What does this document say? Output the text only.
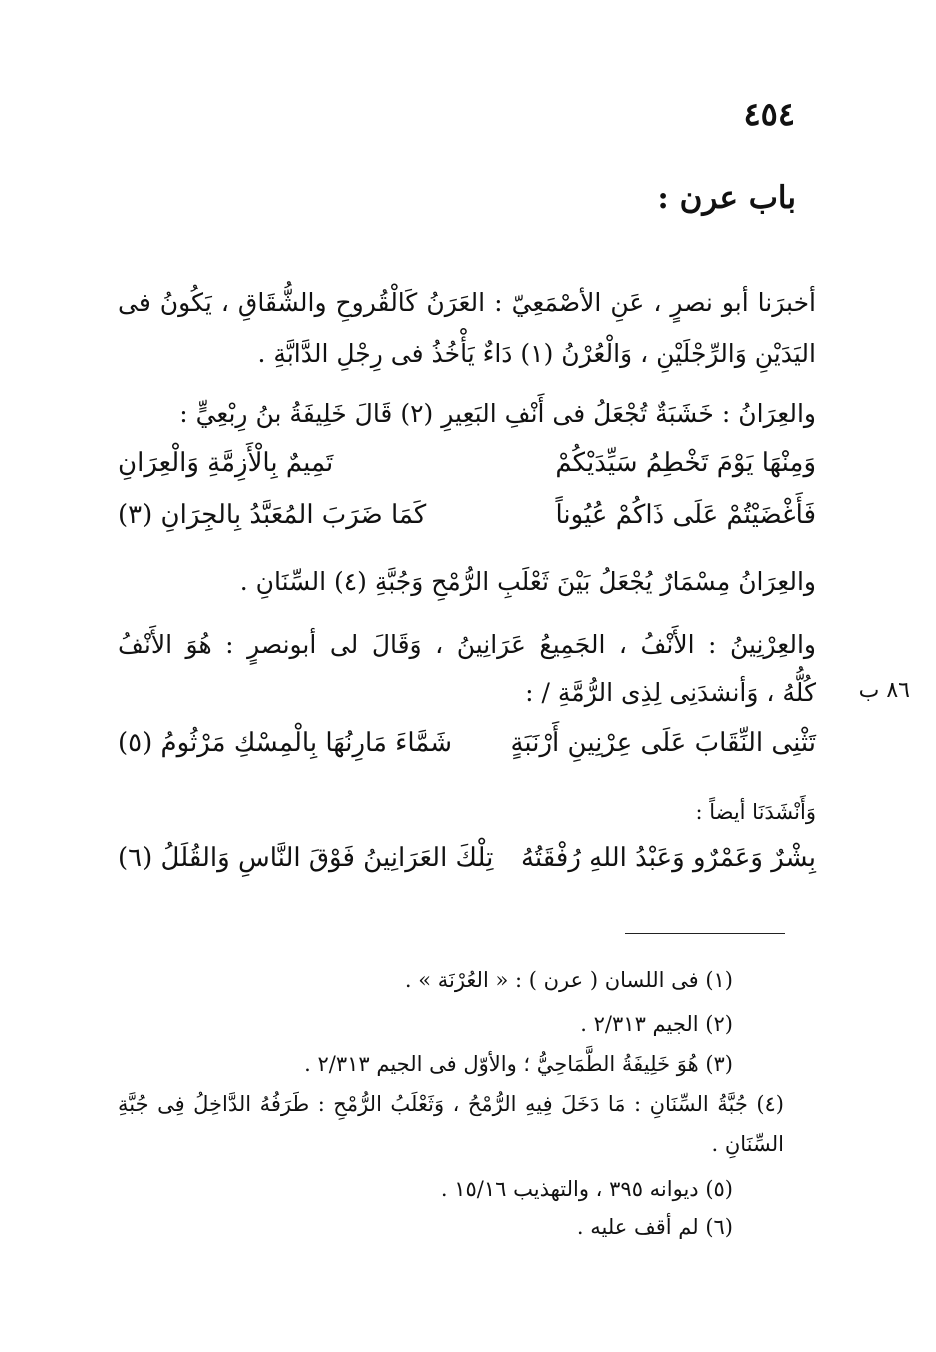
٤٥٤
باب عرن :
أخبرَنا أبو نصرٍ ، عَنِ الأصْمَعِيّ : العَرَنُ كَالْقُروحِ والشُّقَاقِ ، يَكُونُ فى
اليَدَيْنِ وَالرِّجْلَيْنِ ، وَالْعُرْنُ (١) دَاءٌ يَأْخُذُ فى رِجْلِ الدَّابَّةِ .
والعِرَانُ : خَشَبَةٌ تُجْعَلُ فى أَنْفِ البَعِيرِ (٢) قَالَ خَلِيفَةُ بنُ رِبْعِيٍّ :
وَمِنْهَا يَوْمَ تَخْطِمُ سَيِّدَيْكُمْ
تَمِيمٌ بِالْأَزِمَّةِ وَالْعِرَانِ
فَأَغْضَيْتُمْ عَلَى ذَاكُمْ عُيُوناً
كَمَا ضَرَبَ المُعَبَّدُ بِالجِرَانِ (٣)
والعِرَانُ مِسْمَارٌ يُجْعَلُ بَيْنَ ثَعْلَبِ الرُّمْحِ وَجُبَّةِ (٤) السِّنَانِ .
والعِرْنِينُ : الأَنْفُ ، الجَمِيعُ عَرَانِينُ ، وَقَالَ لى أبونصرٍ : هُوَ الأَنْفُ
كُلُّهُ ، وَأنشدَنِى لِذِى الرُّمَّةِ / : ٨٦ ب
تَثْنِى النِّقَابَ عَلَى عِرْنِينِ أَرْنَبَةٍ
شَمَّاءَ مَارِنُهَا بِالْمِسْكِ مَرْثُومُ (٥)
وَأَنْشَدَنَا أيضاً :
بِشْرٌ وَعَمْرٌو وَعَبْدُ اللهِ رُفْقَتُهُ
تِلْكَ العَرَانِينُ فَوْقَ النَّاسِ وَالقُلَلُ (٦)
(١) فى اللسان ( عرن ) : « العُرْنَة » .
(٢) الجيم ٢/٣١٣ .
(٣) هُوَ خَلِيفَةُ الطَّمَاحِيُّ ؛ والأوّل فى الجيم ٢/٣١٣ .
(٤) جُبَّةُ السِّنَانِ : مَا دَخَلَ فِيهِ الرُّمْحُ ، وَثَعْلَبُ الرُّمْحِ : طَرَفُهُ الدَّاخِلُ فِى جُبَّةِ
السِّنَانِ .
(٥) ديوانه ٣٩٥ ، والتهذيب ١٥/١٦ .
(٦) لم أقف عليه .
